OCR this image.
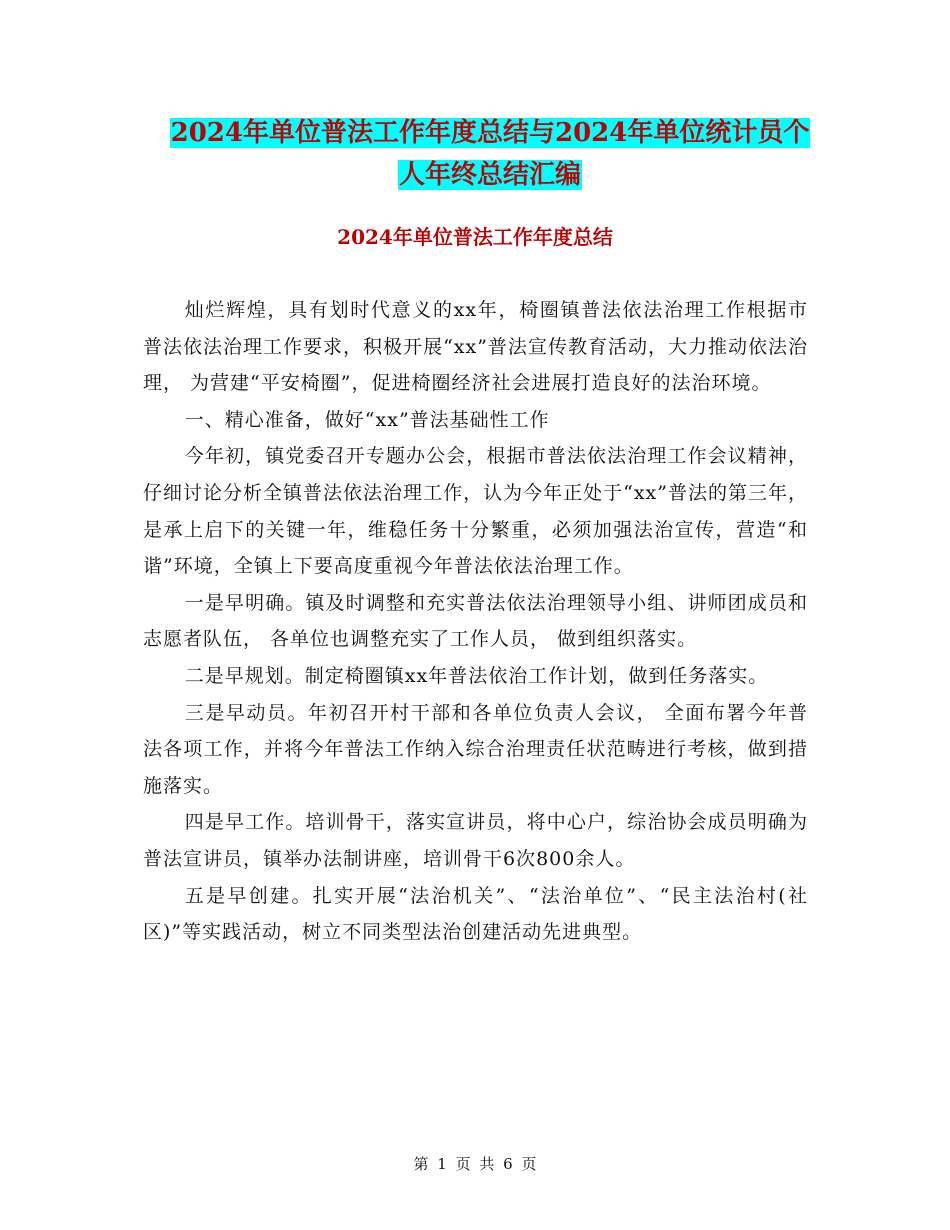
2024年单位普法工作年度总结与2024年单位统计员个
人年终总结汇编
2024年单位普法工作年度总结

灿烂辉煌，具有划时代意义的xx年，椅圈镇普法依法治理工作根据市普法依法治理工作要求，积极开展“xx”普法宣传教育活动，大力推动依法治理， 为营建“平安椅圈”，促进椅圈经济社会进展打造良好的法治环境。

一、精心准备，做好“xx”普法基础性工作

今年初，镇党委召开专题办公会，根据市普法依法治理工作会议精神，仔细讨论分析全镇普法依法治理工作，认为今年正处于“xx”普法的第三年，是承上启下的关键一年，维稳任务十分繁重，必须加强法治宣传，营造“和谐”环境，全镇上下要高度重视今年普法依法治理工作。

一是早明确。镇及时调整和充实普法依法治理领导小组、讲师团成员和志愿者队伍， 各单位也调整充实了工作人员， 做到组织落实。

二是早规划。制定椅圈镇xx年普法依治工作计划，做到任务落实。

三是早动员。年初召开村干部和各单位负责人会议， 全面布署今年普法各项工作，并将今年普法工作纳入综合治理责任状范畴进行考核，做到措施落实。

四是早工作。培训骨干，落实宣讲员，将中心户，综治协会成员明确为普法宣讲员，镇举办法制讲座，培训骨干6次800余人。

五是早创建。扎实开展“法治机关”、“法治单位”、“民主法治村(社区)”等实践活动，树立不同类型法治创建活动先进典型。

第 1 页 共 6 页
